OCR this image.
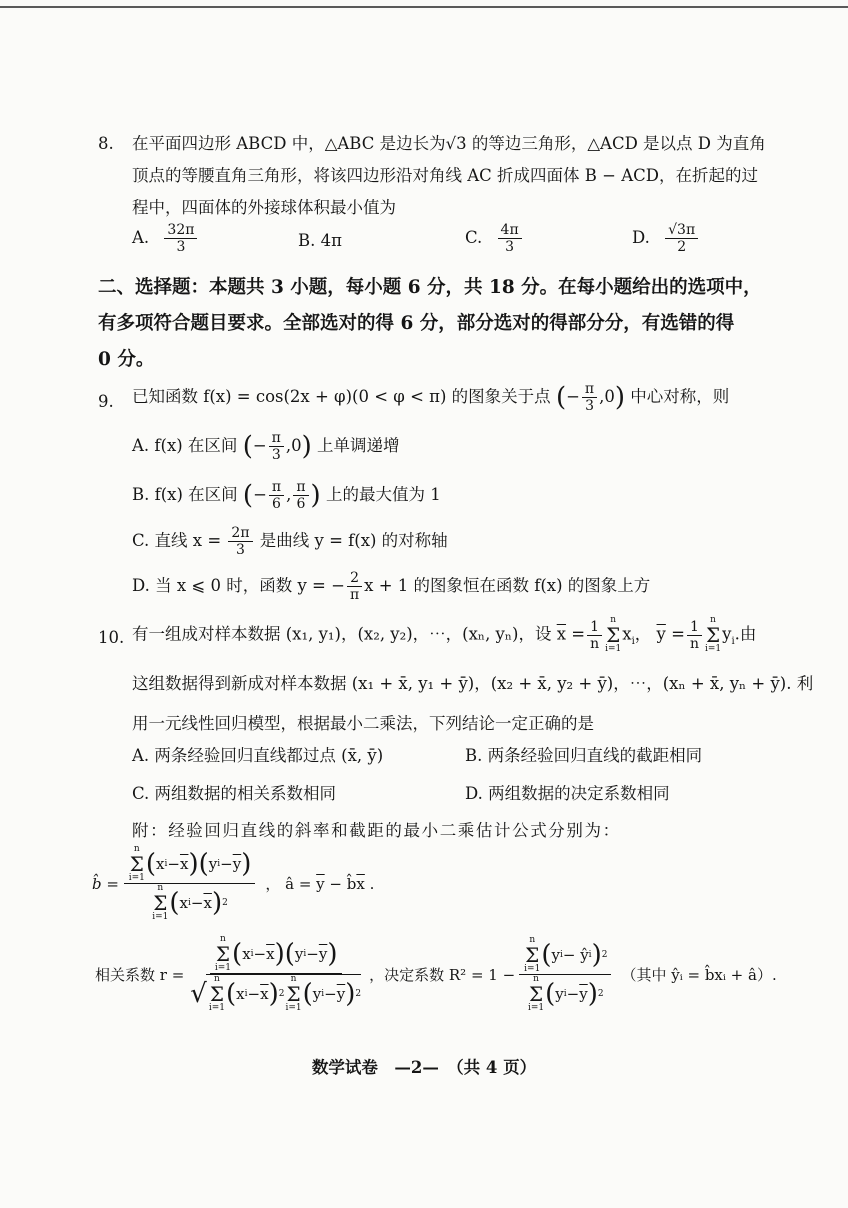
8. 在平面四边形 ABCD 中，△ABC 是边长为√3 的等边三角形，△ACD 是以点 D 为直角
顶点的等腰直角三角形，将该四边形沿对角线 AC 折成四面体 B − ACD，在折起的过
程中，四面体的外接球体积最小值为
A. $\frac{32\pi}{3}$	B. 4π	C. $\frac{4\pi}{3}$	D. $\frac{√3\pi}{2}$
二、选择题：本题共 3 小题，每小题 6 分，共 18 分。在每小题给出的选项中，
有多项符合题目要求。全部选对的得 6 分，部分选对的得部分分，有选错的得
0 分。
9. 已知函数 f(x) = cos(2x + φ)(0 < φ < π) 的图象关于点 (− $\frac{\pi}{3} ,0$) 中心对称，则
A. f(x) 在区间 (− $\frac{\pi}{3} ,0$) 上单调递增
B. f(x) 在区间 (− $\frac{\pi}{6}$ , $\frac{\pi}{6}$ ) 上的最大值为 1
C. 直线 $x = \frac{2\pi}{3}$ 是曲线 y = f(x) 的对称轴
D. 当 x ⩽ 0 时，函数 y = − $\frac{2}{\pi}$ x + 1 的图象恒在函数 f(x) 的图象上方
10. 有一组成对样本数据 (x₁, y₁)，(x₂, y₂)，⋯，(xₙ, yₙ)，设 $\overline{x} = \frac{1}{n}$ n
Σ
i=1
$x_i$， $\overline{y} = \frac{1}{n}$ n
Σ
i=1
$y_i$.由
这组数据得到新成对样本数据 (x₁ + x̄, y₁ + ȳ)，(x₂ + x̄, y₂ + ȳ)，⋯，(xₙ + x̄, yₙ + ȳ). 利
用一元线性回归模型，根据最小二乘法，下列结论一定正确的是
A. 两条经验回归直线都过点 (x̄, ȳ)	B. 两条经验回归直线的截距相同
C. 两组数据的相关系数相同	D. 两组数据的决定系数相同
附：经验回归直线的斜率和截距的最小二乘估计公式分别为：
b̂ =
n
Σ
i=1 ( x $i - \overline{x}$ ) ( y $i - \overline{y}$ )
n
Σ
i=1 ( x $i - \overline{x}$ ) 2
， â = $\overline{y}$ − $b̂\overline{x}$ .
相关系数 r =
n
Σ
i=1 ( x $i - \overline{x}$ ) ( y $i - \overline{y}$ )
√ n
Σ
i=1 ( x $i - \overline{x}$ ) 2
n
Σ
i=1 ( y $i - \overline{y}$ ) 2
，决定系数 R² = 1 −
n
Σ
i=1 ( y i − ŷ i ) 2
n
Σ
i=1 ( y $i - \overline{y}$ ) 2
（其中 ŷᵢ = b̂xᵢ + â）.
数学试卷　—2—　（共 4 页）
